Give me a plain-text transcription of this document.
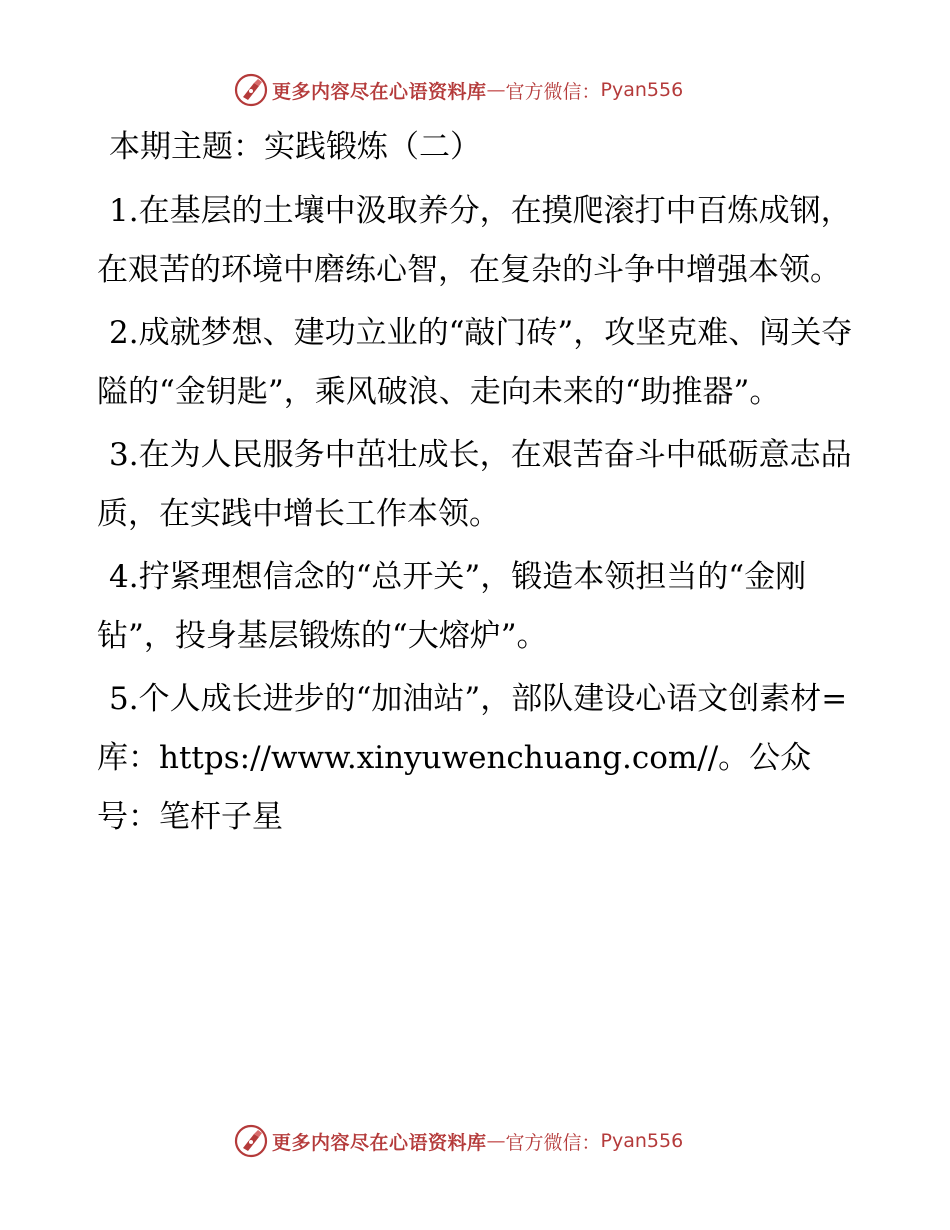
更多内容尽在心语资料库 — 官方微信： Pyan556
本期主题：实践锻炼（二）

1.在基层的土壤中汲取养分，在摸爬滚打中百炼成钢，在艰苦的环境中磨练心智，在复杂的斗争中增强本领。

2.成就梦想、建功立业的“敲门砖”，攻坚克难、闯关夺隘的“金钥匙”，乘风破浪、走向未来的“助推器”。

3.在为人民服务中茁壮成长，在艰苦奋斗中砥砺意志品质，在实践中增长工作本领。

4.拧紧理想信念的“总开关”，锻造本领担当的“金刚钻”，投身基层锻炼的“大熔炉”。

5.个人成长进步的“加油站”，部队建设心语文创素材=库：https://www.xinyuwenchuang.com//。公众号：笔杆子星

更多内容尽在心语资料库 — 官方微信： Pyan556
